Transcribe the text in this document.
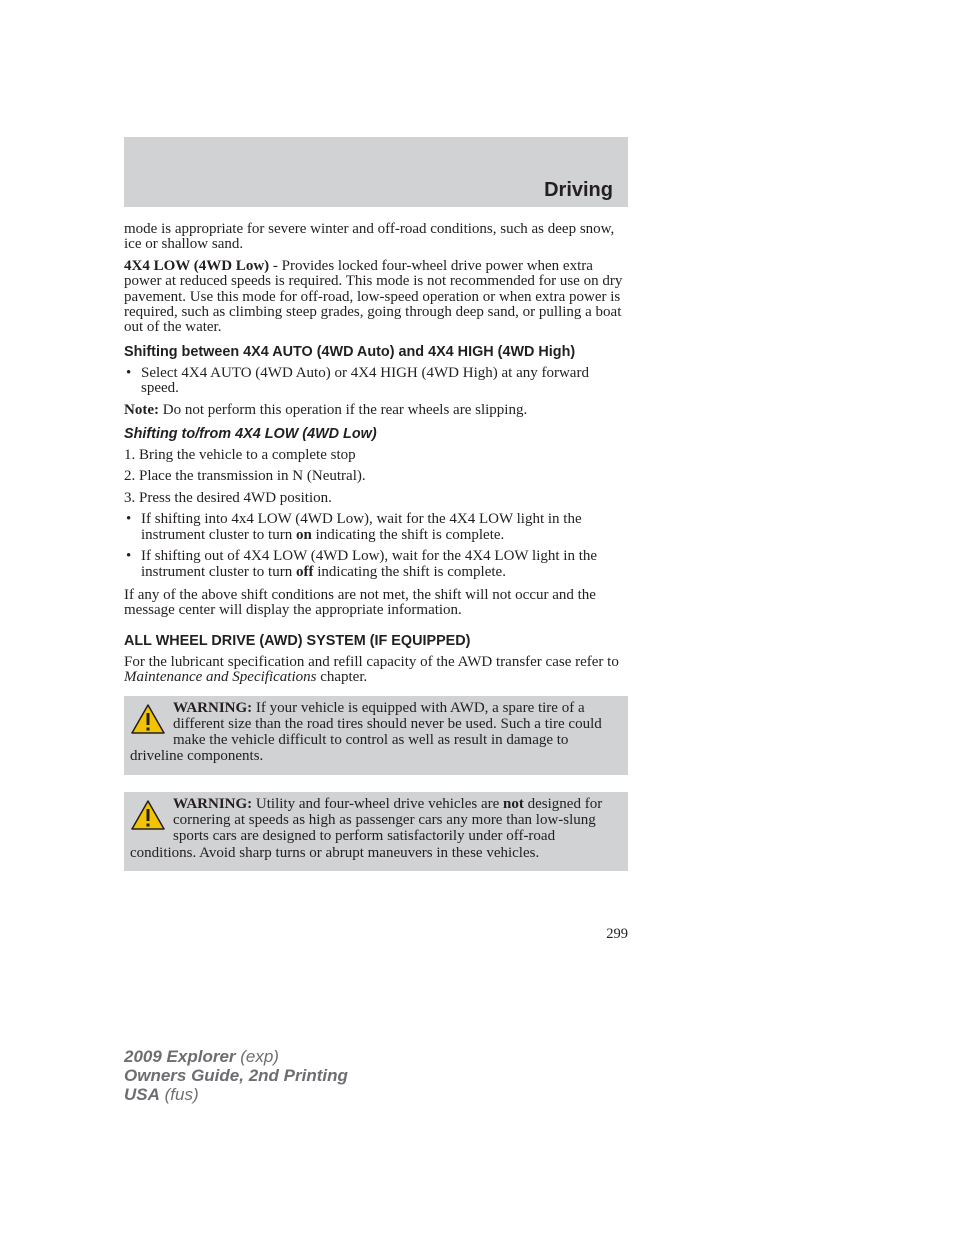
Driving

mode is appropriate for severe winter and off-road conditions, such as deep snow, ice or shallow sand.

4X4 LOW (4WD Low) - Provides locked four-wheel drive power when extra power at reduced speeds is required. This mode is not recommended for use on dry pavement. Use this mode for off-road, low-speed operation or when extra power is required, such as climbing steep grades, going through deep sand, or pulling a boat out of the water.

Shifting between 4X4 AUTO (4WD Auto) and 4X4 HIGH (4WD High)

• Select 4X4 AUTO (4WD Auto) or 4X4 HIGH (4WD High) at any forward speed.

Note: Do not perform this operation if the rear wheels are slipping.

Shifting to/from 4X4 LOW (4WD Low)

1. Bring the vehicle to a complete stop

2. Place the transmission in N (Neutral).

3. Press the desired 4WD position.

• If shifting into 4x4 LOW (4WD Low), wait for the 4X4 LOW light in the instrument cluster to turn on indicating the shift is complete.

• If shifting out of 4X4 LOW (4WD Low), wait for the 4X4 LOW light in the instrument cluster to turn off indicating the shift is complete.

If any of the above shift conditions are not met, the shift will not occur and the message center will display the appropriate information.

ALL WHEEL DRIVE (AWD) SYSTEM (IF EQUIPPED)

For the lubricant specification and refill capacity of the AWD transfer case refer to Maintenance and Specifications chapter.

WARNING: If your vehicle is equipped with AWD, a spare tire of a different size than the road tires should never be used. Such a tire could make the vehicle difficult to control as well as result in damage to driveline components.
WARNING: Utility and four-wheel drive vehicles are not designed for cornering at speeds as high as passenger cars any more than low-slung sports cars are designed to perform satisfactorily under off-road conditions. Avoid sharp turns or abrupt maneuvers in these vehicles.
299
2009 Explorer (exp)
Owners Guide, 2nd Printing
USA (fus)
